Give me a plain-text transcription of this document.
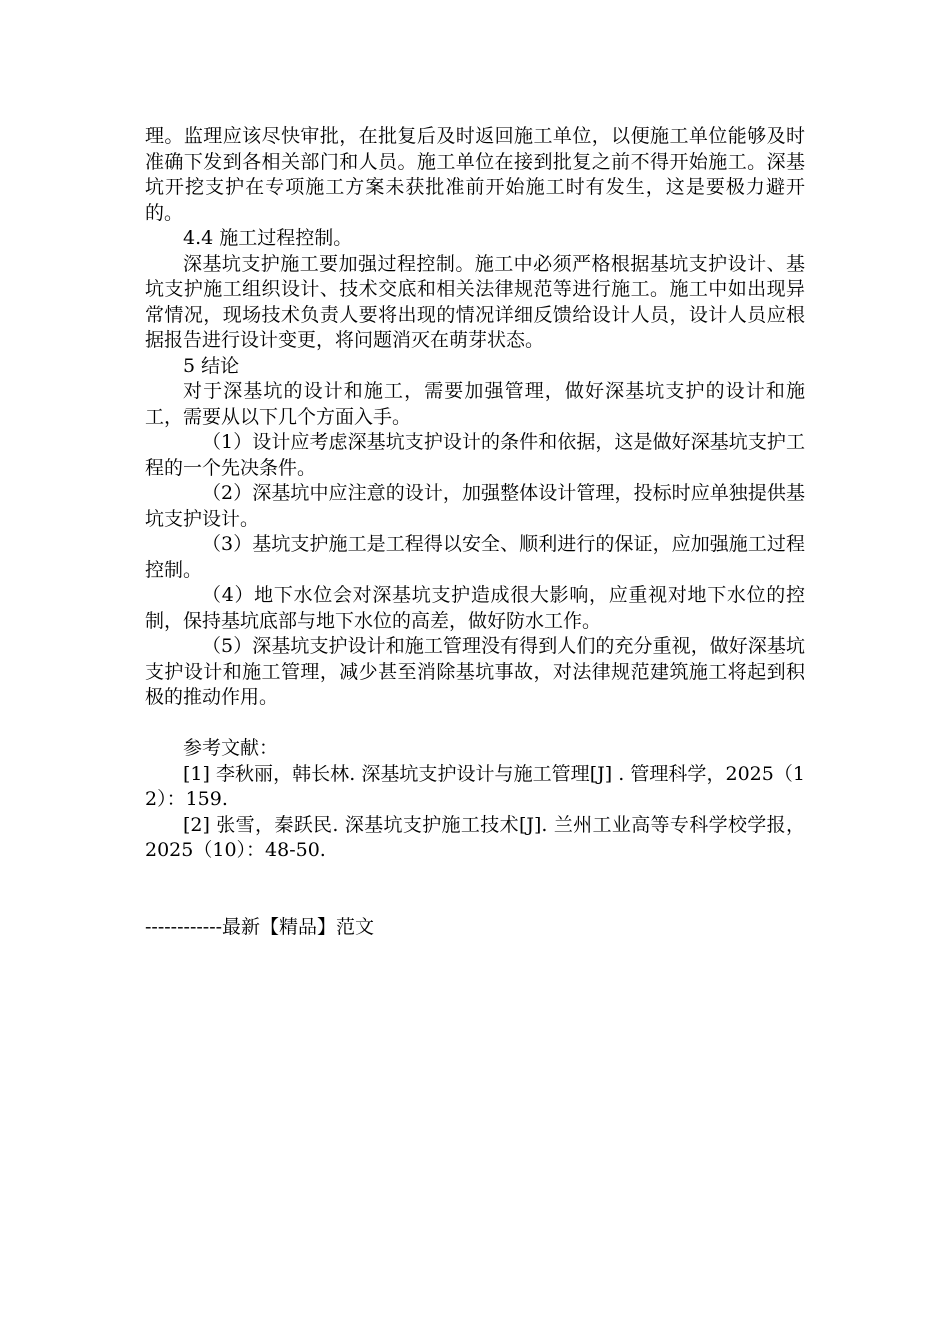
理。监理应该尽快审批，在批复后及时返回施工单位，以便施工单位能够及时准确下发到各相关部门和人员。施工单位在接到批复之前不得开始施工。深基坑开挖支护在专项施工方案未获批准前开始施工时有发生，这是要极力避开的。

4.4 施工过程控制。

深基坑支护施工要加强过程控制。施工中必须严格根据基坑支护设计、基坑支护施工组织设计、技术交底和相关法律规范等进行施工。施工中如出现异常情况，现场技术负责人要将出现的情况详细反馈给设计人员，设计人员应根据报告进行设计变更，将问题消灭在萌芽状态。

5 结论

对于深基坑的设计和施工，需要加强管理，做好深基坑支护的设计和施工，需要从以下几个方面入手。

（1）设计应考虑深基坑支护设计的条件和依据，这是做好深基坑支护工程的一个先决条件。

（2）深基坑中应注意的设计，加强整体设计管理，投标时应单独提供基坑支护设计。

（3）基坑支护施工是工程得以安全、顺利进行的保证，应加强施工过程控制。

（4）地下水位会对深基坑支护造成很大影响，应重视对地下水位的控制，保持基坑底部与地下水位的高差，做好防水工作。

（5）深基坑支护设计和施工管理没有得到人们的充分重视，做好深基坑支护设计和施工管理，减少甚至消除基坑事故，对法律规范建筑施工将起到积极的推动作用。

参考文献：

[1] 李秋丽，韩长林. 深基坑支护设计与施工管理[J] . 管理科学，2025（12）：159.

[2] 张雪，秦跃民. 深基坑支护施工技术[J]. 兰州工业高等专科学校学报，2025（10）：48-50.

------------最新【精品】范文
